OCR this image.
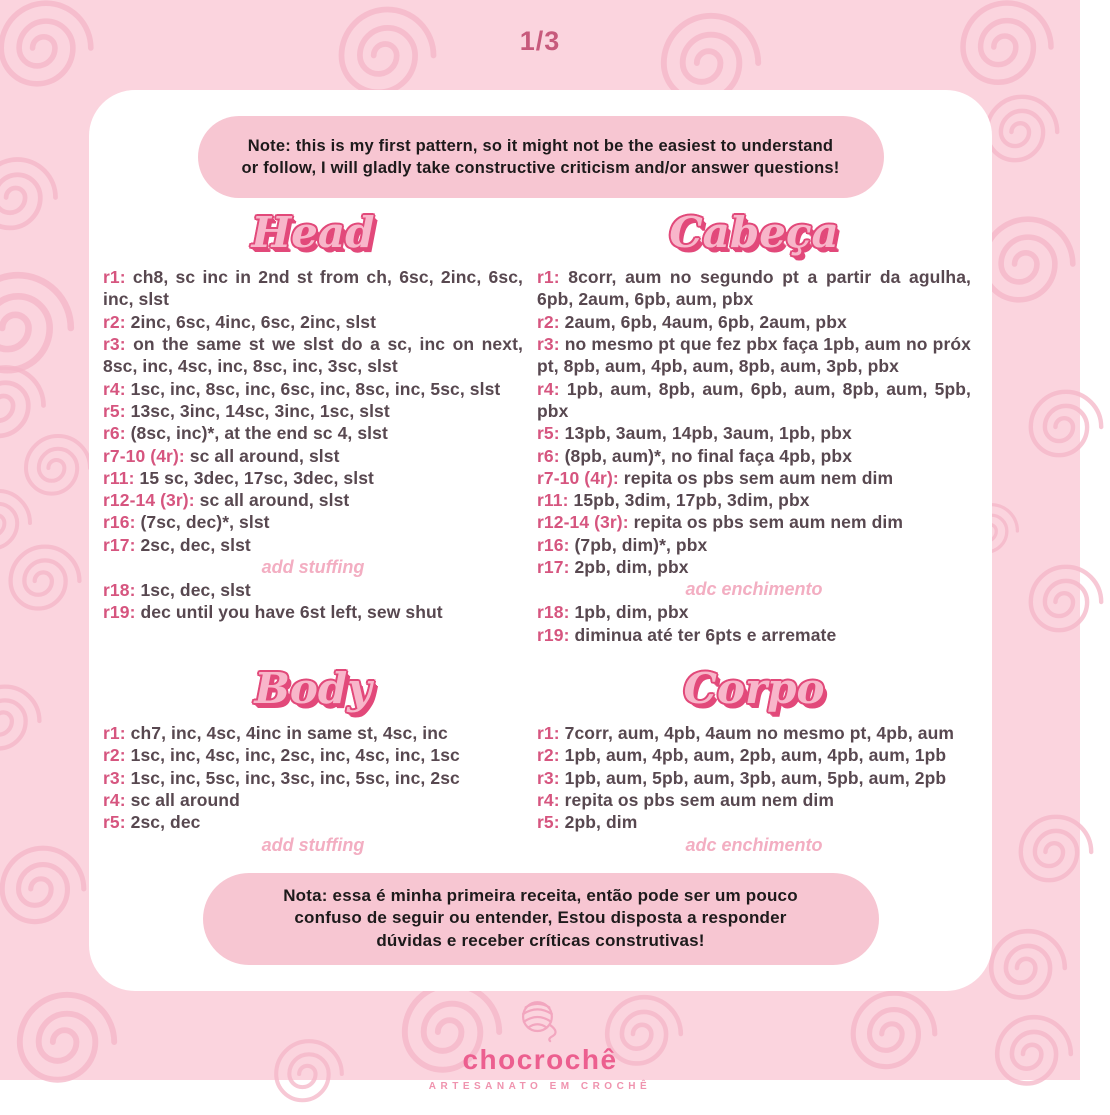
1/3
Note: this is my first pattern, so it might not be the easiest to understand or follow, I will gladly take constructive criticism and/or answer questions!
Head

r1: ch8, sc inc in 2nd st from ch, 6sc, 2inc, 6sc, inc, slst

r2: 2inc, 6sc, 4inc, 6sc, 2inc, slst

r3: on the same st we slst do a sc, inc on next, 8sc, inc, 4sc, inc, 8sc, inc, 3sc, slst

r4: 1sc, inc, 8sc, inc, 6sc, inc, 8sc, inc, 5sc, slst

r5: 13sc, 3inc, 14sc, 3inc, 1sc, slst

r6: (8sc, inc)*, at the end sc 4, slst

r7-10 (4r): sc all around, slst

r11: 15 sc, 3dec, 17sc, 3dec, slst

r12-14 (3r): sc all around, slst

r16: (7sc, dec)*, slst

r17: 2sc, dec, slst

add stuffing

r18: 1sc, dec, slst

r19: dec until you have 6st left, sew shut

Cabeça

r1: 8corr, aum no segundo pt a partir da agulha, 6pb, 2aum, 6pb, aum, pbx

r2: 2aum, 6pb, 4aum, 6pb, 2aum, pbx

r3: no mesmo pt que fez pbx faça 1pb, aum no próx pt, 8pb, aum, 4pb, aum, 8pb, aum, 3pb, pbx

r4: 1pb, aum, 8pb, aum, 6pb, aum, 8pb, aum, 5pb, pbx

r5: 13pb, 3aum, 14pb, 3aum, 1pb, pbx

r6: (8pb, aum)*, no final faça 4pb, pbx

r7-10 (4r): repita os pbs sem aum nem dim

r11: 15pb, 3dim, 17pb, 3dim, pbx

r12-14 (3r): repita os pbs sem aum nem dim

r16: (7pb, dim)*, pbx

r17: 2pb, dim, pbx

adc enchimento

r18: 1pb, dim, pbx

r19: diminua até ter 6pts e arremate

Body

r1: ch7, inc, 4sc, 4inc in same st, 4sc, inc

r2: 1sc, inc, 4sc, inc, 2sc, inc, 4sc, inc, 1sc

r3: 1sc, inc, 5sc, inc, 3sc, inc, 5sc, inc, 2sc

r4: sc all around

r5: 2sc, dec

add stuffing

Corpo

r1: 7corr, aum, 4pb, 4aum no mesmo pt, 4pb, aum

r2: 1pb, aum, 4pb, aum, 2pb, aum, 4pb, aum, 1pb

r3: 1pb, aum, 5pb, aum, 3pb, aum, 5pb, aum, 2pb

r4: repita os pbs sem aum nem dim

r5: 2pb, dim

adc enchimento

Nota: essa é minha primeira receita, então pode ser um pouco confuso de seguir ou entender, Estou disposta a responder dúvidas e receber críticas construtivas!
chocrochê
ARTESANATO EM CROCHÊ
